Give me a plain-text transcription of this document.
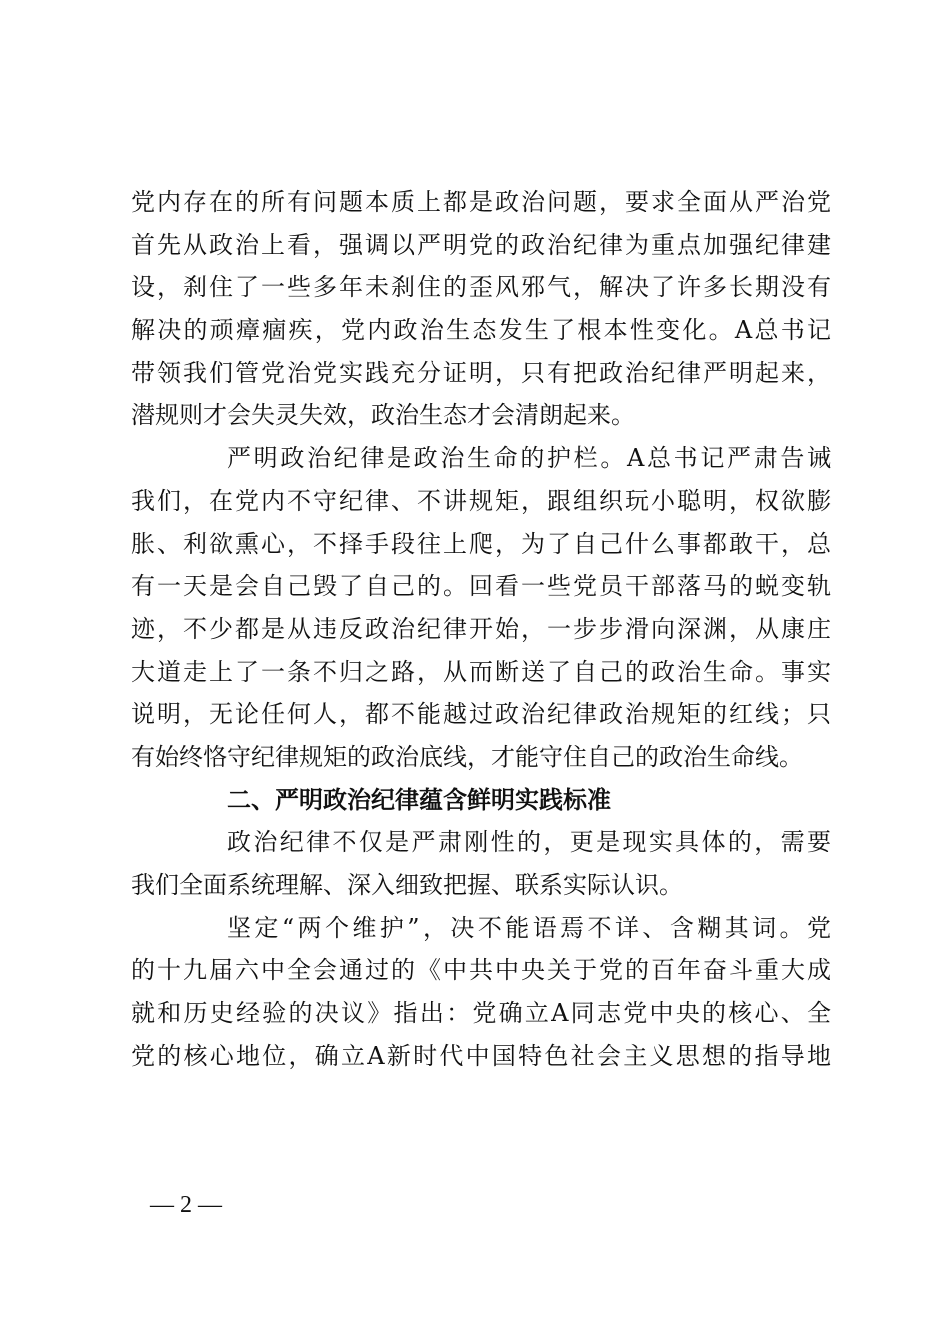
党内存在的所有问题本质上都是政治问题，要求全面从严治党
首先从政治上看，强调以严明党的政治纪律为重点加强纪律建
设，刹住了一些多年未刹住的歪风邪气，解决了许多长期没有
解决的顽瘴痼疾，党内政治生态发生了根本性变化。A总书记
带领我们管党治党实践充分证明，只有把政治纪律严明起来，
潜规则才会失灵失效，政治生态才会清朗起来。
严明政治纪律是政治生命的护栏。A总书记严肃告诫
我们，在党内不守纪律、不讲规矩，跟组织玩小聪明，权欲膨
胀、利欲熏心，不择手段往上爬，为了自己什么事都敢干，总
有一天是会自己毁了自己的。回看一些党员干部落马的蜕变轨
迹，不少都是从违反政治纪律开始，一步步滑向深渊，从康庄
大道走上了一条不归之路，从而断送了自己的政治生命。事实
说明，无论任何人，都不能越过政治纪律政治规矩的红线；只
有始终恪守纪律规矩的政治底线，才能守住自己的政治生命线。
二、严明政治纪律蕴含鲜明实践标准
政治纪律不仅是严肃刚性的，更是现实具体的，需要
我们全面系统理解、深入细致把握、联系实际认识。
坚定“两个维护”，决不能语焉不详、含糊其词。党
的十九届六中全会通过的《中共中央关于党的百年奋斗重大成
就和历史经验的决议》指出：党确立A同志党中央的核心、全
党的核心地位，确立A新时代中国特色社会主义思想的指导地
— 2 —
